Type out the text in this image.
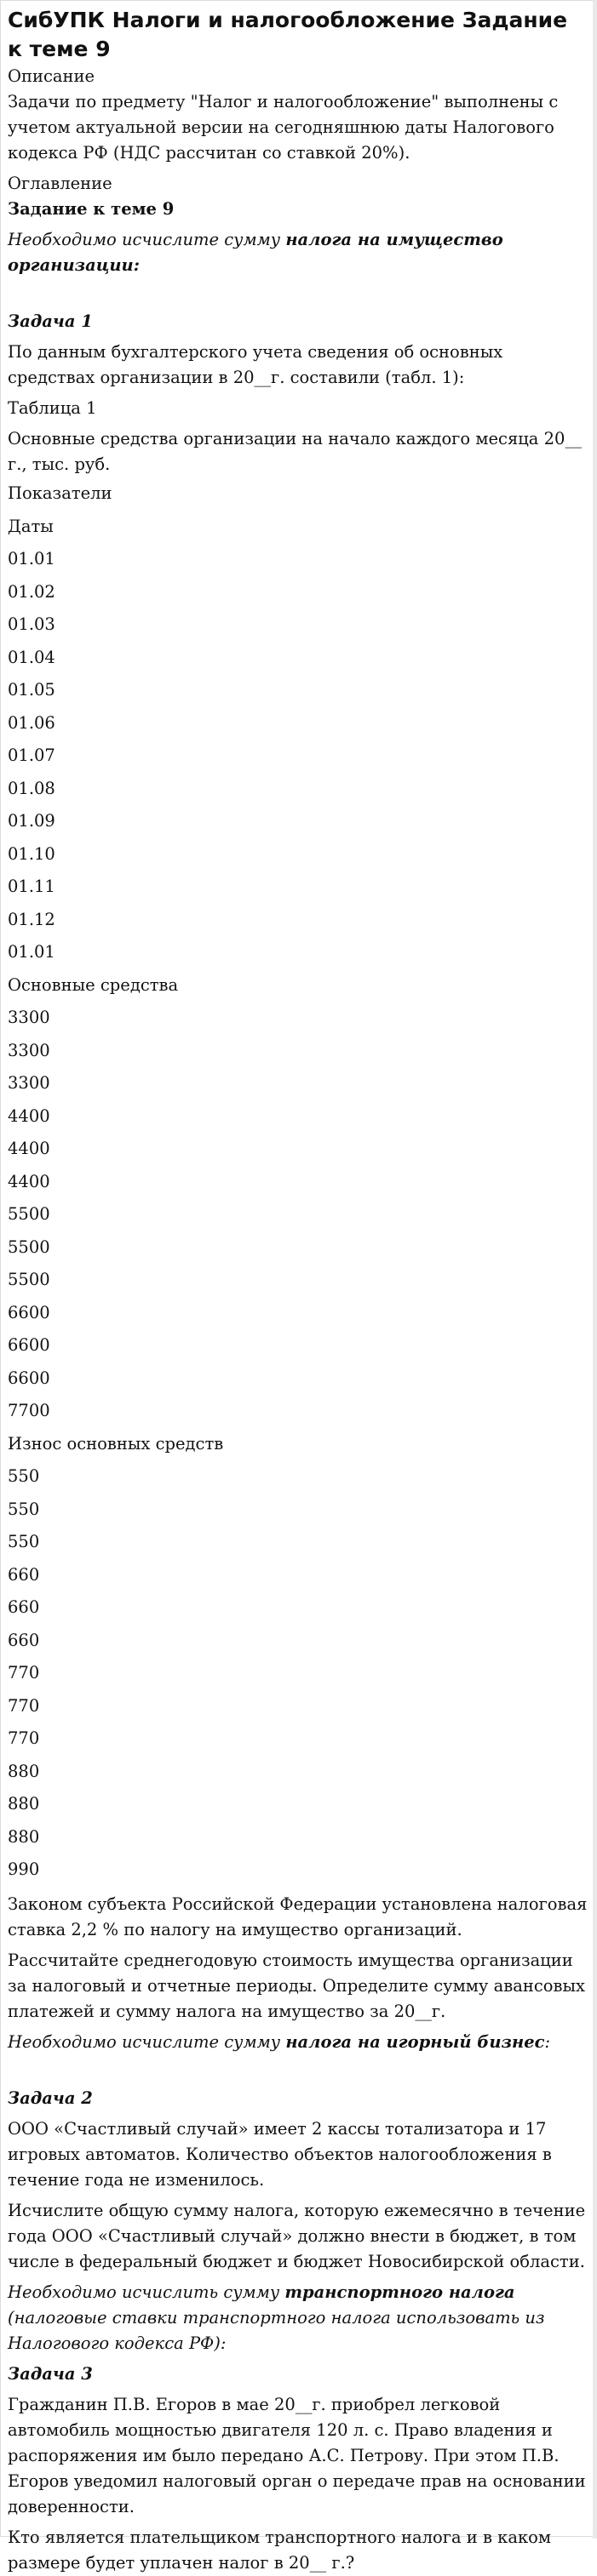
СибУПК Налоги и налогообложение Задание к теме 9
Описание

Задачи по предмету "Налог и налогообложение" выполнены с учетом актуальной версии на сегодняшнюю даты Налогового кодекса РФ (НДС рассчитан со ставкой 20%).

Оглавление
Задание к теме 9

Необходимо исчислите сумму налога на имущество организации:

Задача 1

По данным бухгалтерского учета сведения об основных средствах организации в 20__г. составили (табл. 1):

Таблица 1

Основные средства организации на начало каждого месяца 20__ г., тыс. руб.

Показатели
Даты
01.01
01.02
01.03
01.04
01.05
01.06
01.07
01.08
01.09
01.10
01.11
01.12
01.01
Основные средства
3300
3300
3300
4400
4400
4400
5500
5500
5500
6600
6600
6600
7700
Износ основных средств
550
550
550
660
660
660
770
770
770
880
880
880
990

Законом субъекта Российской Федерации установлена налоговая ставка 2,2 % по налогу на имущество организаций.

Рассчитайте среднегодовую стоимость имущества организации за налоговый и отчетные периоды. Определите сумму авансовых платежей и сумму налога на имущество за 20__г.

Необходимо исчислите сумму налога на игорный бизнес:

Задача 2

ООО «Счастливый случай» имеет 2 кассы тотализатора и 17 игровых автоматов. Количество объектов налогообложения в течение года не изменилось.

Исчислите общую сумму налога, которую ежемесячно в течение года ООО «Счастливый случай» должно внести в бюджет, в том числе в федеральный бюджет и бюджет Новосибирской области.

Необходимо исчислить сумму транспортного налога (налоговые ставки транспортного налога использовать из Налогового кодекса РФ):

Задача 3

Гражданин П.В. Егоров в мае 20__г. приобрел легковой автомобиль мощностью двигателя 120 л. с. Право владения и распоряжения им было передано А.С. Петрову. При этом П.В. Егоров уведомил налоговый орган о передаче прав на основании доверенности.

Кто является плательщиком транспортного налога и в каком размере будет уплачен налог в 20__ г.?
